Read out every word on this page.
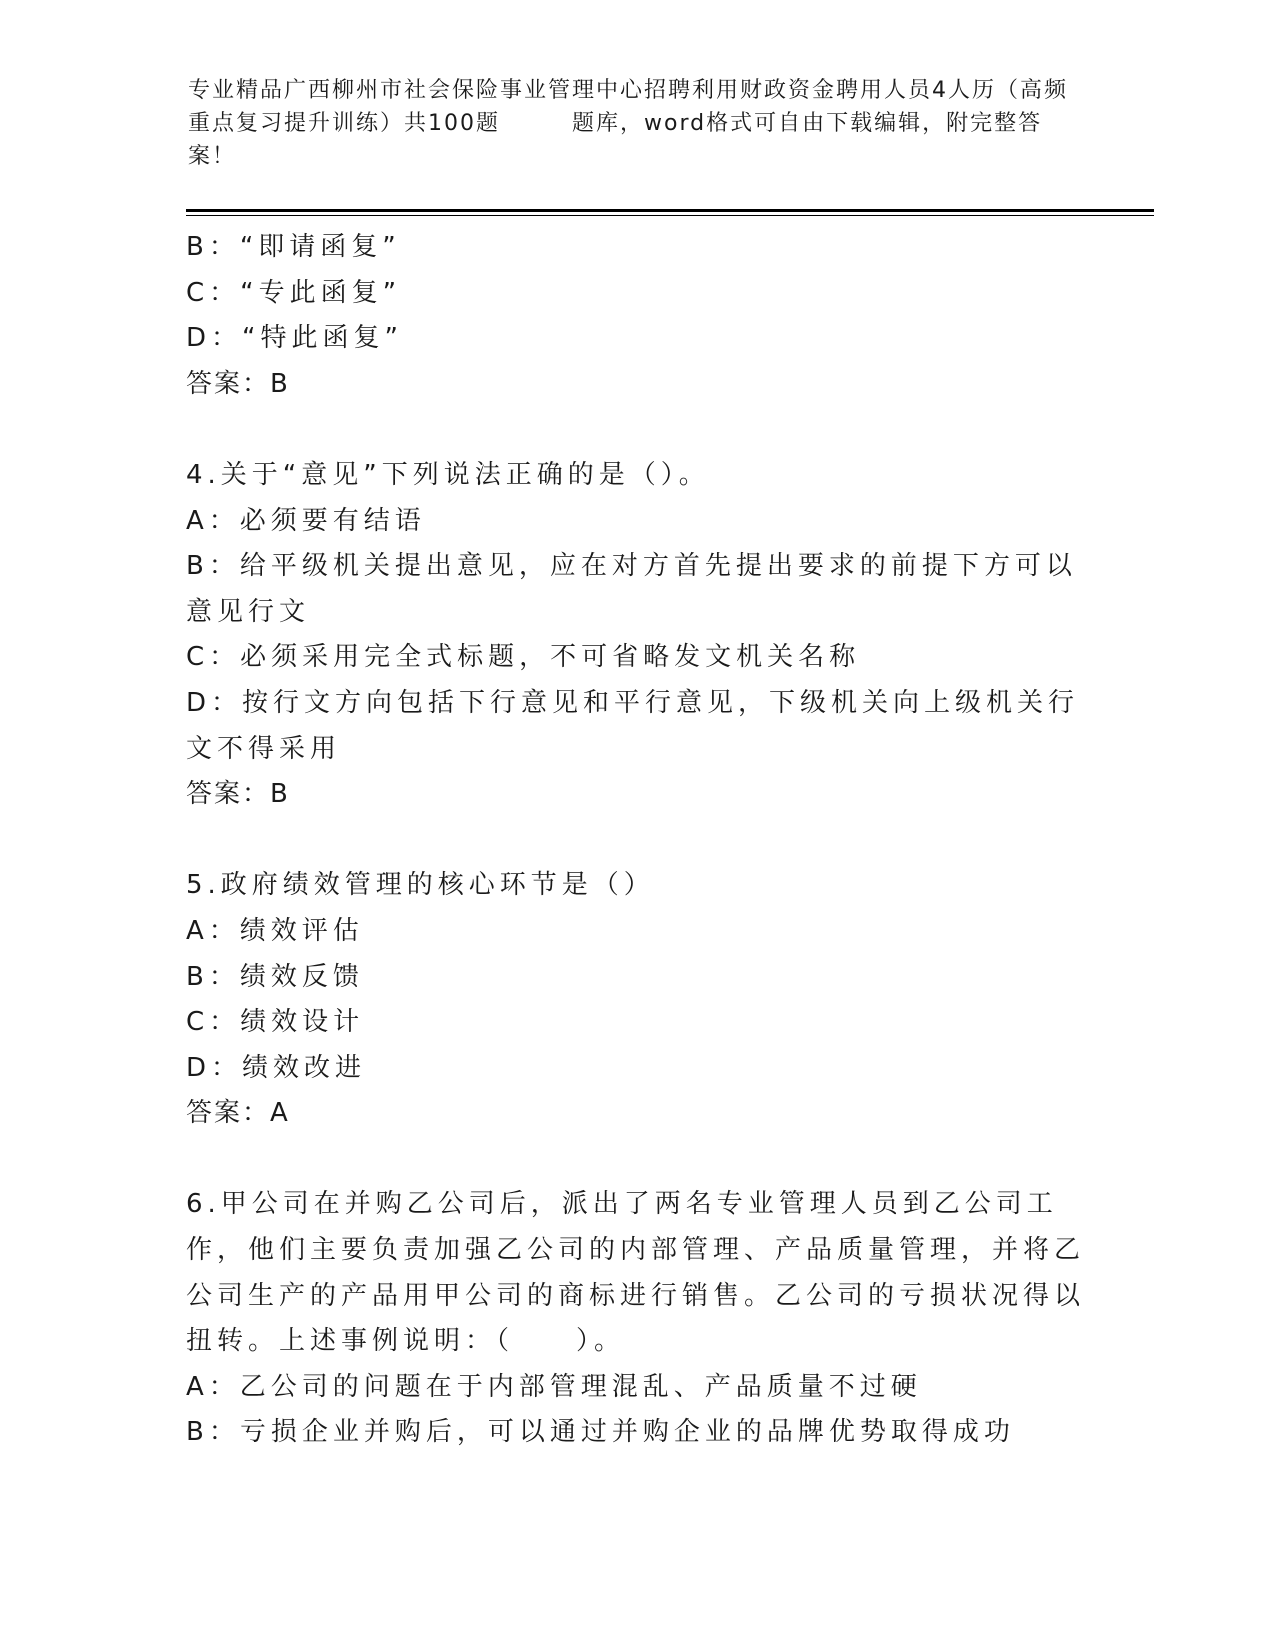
专业精品广西柳州市社会保险事业管理中心招聘利用财政资金聘用人员4人历（高频重点复习提升训练）共100题　　　题库，word格式可自由下载编辑，附完整答案！
B：“即请函复”
C：“专此函复”
D：“特此函复”
答案：B
4.关于“意见”下列说法正确的是（）。
A：必须要有结语
B：给平级机关提出意见，应在对方首先提出要求的前提下方可以意见行文
C：必须采用完全式标题，不可省略发文机关名称
D：按行文方向包括下行意见和平行意见，下级机关向上级机关行文不得采用
答案：B
5.政府绩效管理的核心环节是（）
A：绩效评估
B：绩效反馈
C：绩效设计
D：绩效改进
答案：A
6.甲公司在并购乙公司后，派出了两名专业管理人员到乙公司工作，他们主要负责加强乙公司的内部管理、产品质量管理，并将乙公司生产的产品用甲公司的商标进行销售。乙公司的亏损状况得以扭转。上述事例说明：（　　）。
A：乙公司的问题在于内部管理混乱、产品质量不过硬
B：亏损企业并购后，可以通过并购企业的品牌优势取得成功
